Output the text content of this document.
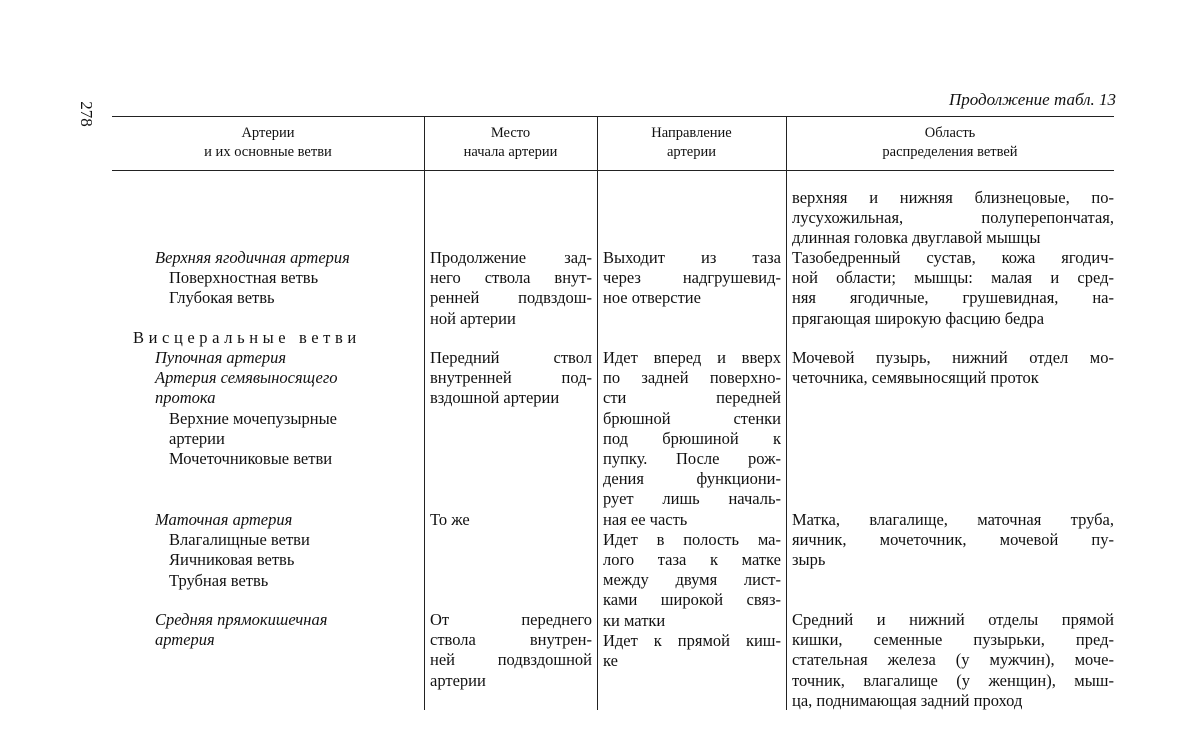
278
Продолжение табл. 13
Артерии
и их основные ветви
Место
начала артерии
Направление
артерии
Область
распределения ветвей
Верхняя ягодичная артерия
Поверхностная ветвь
Глубокая ветвь
Висцеральные ветви
Пупочная артерия
Артерия семявыносящего
протока
Верхние мочепузырные
артерии
Мочеточниковые ветви
Маточная артерия
Влагалищные ветви
Яичниковая ветвь
Трубная ветвь
Средняя прямокишечная
артерия
Продолжение зад-
него ствола внут-
ренней подвздош-
ной артерии
Передний ствол
внутренней под-
вздошной артерии
То же
От переднего
ствола внутрен-
ней подвздошной
артерии
Выходит из таза
через надгрушевид-
ное отверстие
Идет вперед и вверх
по задней поверхно-
сти передней
брюшной стенки
под брюшиной к
пупку. После рож-
дения функциони-
рует лишь началь-
ная ее часть
Идет в полость ма-
лого таза к матке
между двумя лист-
ками широкой связ-
ки матки
Идет к прямой киш-
ке
верхняя и нижняя близнецовые, по-
лусухожильная, полуперепончатая,
длинная головка двуглавой мышцы
Тазобедренный сустав, кожа ягодич-
ной области; мышцы: малая и сред-
няя ягодичные, грушевидная, на-
прягающая широкую фасцию бедра
Мочевой пузырь, нижний отдел мо-
четочника, семявыносящий проток
Матка, влагалище, маточная труба,
яичник, мочеточник, мочевой пу-
зырь
Средний и нижний отделы прямой
кишки, семенные пузырьки, пред-
стательная железа (у мужчин), моче-
точник, влагалище (у женщин), мыш-
ца, поднимающая задний проход
